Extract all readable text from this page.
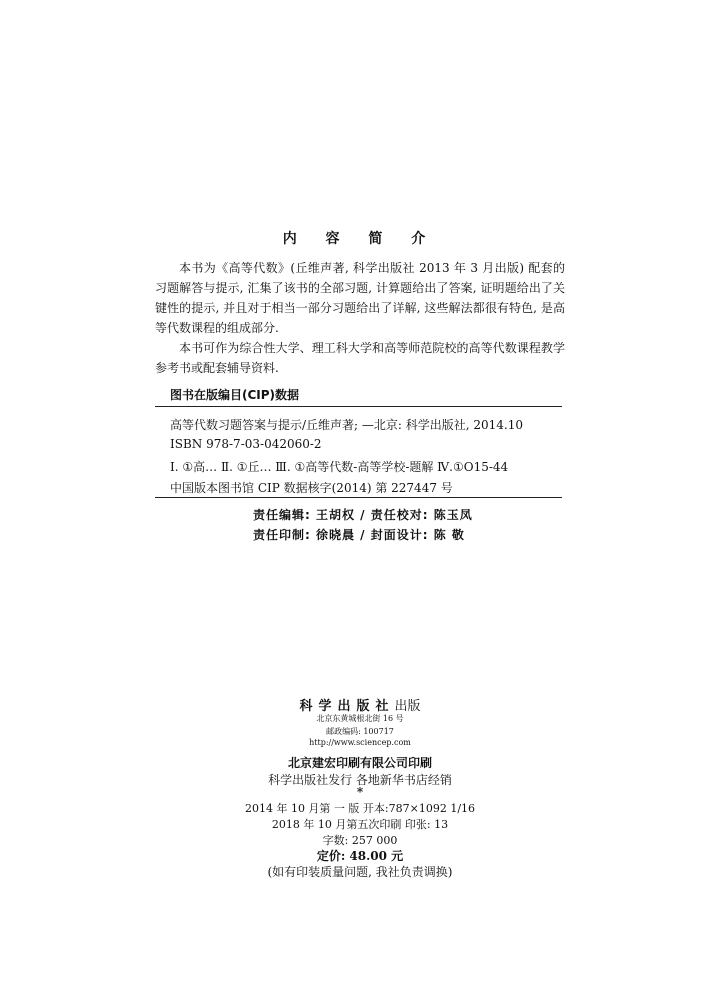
内 容 简 介

本书为《高等代数》(丘维声著, 科学出版社 2013 年 3 月出版) 配套的习题解答与提示, 汇集了该书的全部习题, 计算题给出了答案, 证明题给出了关键性的提示, 并且对于相当一部分习题给出了详解, 这些解法都很有特色, 是高等代数课程的组成部分.

本书可作为综合性大学、理工科大学和高等师范院校的高等代数课程教学参考书或配套辅导资料.

图书在版编目(CIP)数据
高等代数习题答案与提示/丘维声著; —北京: 科学出版社, 2014.10
ISBN 978-7-03-042060-2
Ⅰ. ①高… Ⅱ. ①丘… Ⅲ. ①高等代数-高等学校-题解 Ⅳ.①O15-44
中国版本图书馆 CIP 数据核字(2014) 第 227447 号
责任编辑: 王胡权 / 责任校对: 陈玉凤
责任印制: 徐晓晨 / 封面设计: 陈 敬
科学出版社出版
北京东黄城根北街 16 号
邮政编码: 100717
http://www.sciencep.com
北京建宏印刷有限公司印刷
科学出版社发行 各地新华书店经销
*
2014 年 10 月第 一 版 开本:787×1092 1/16
2018 年 10 月第五次印刷 印张: 13
字数: 257 000
定价: 48.00 元
(如有印装质量问题, 我社负责调换)
